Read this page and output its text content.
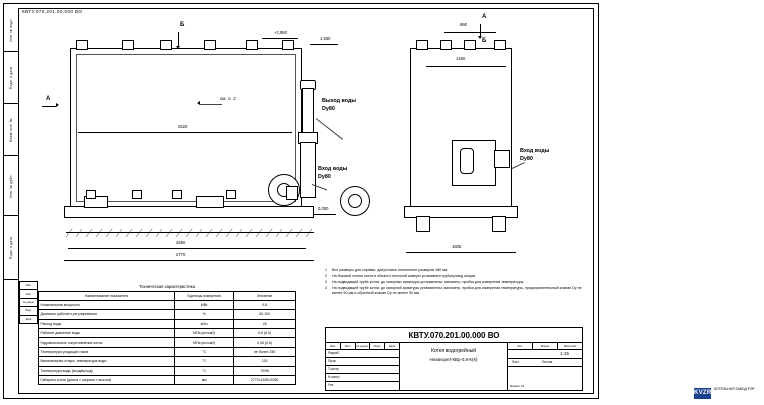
Инв. № подл.
Подп. и дата
Взам. инв. №
Инв. № дубл.
Подп. и дата
КВТУ.070.201.00.000 ВО
А
Б
+2,850
1,930
0,000
см. п. 2
2520
2650
2770
Выход воды
Dy80
Вход воды
Dy80
А
Б
960
1260
1605
Вход воды
Dy80
1 Все размеры для справки, допустимое отклонение размеров ±80 мм.
2 На боковой стенке котла в области топочной камеры устанавлен трубопровод шнцов.
3 На подводящей трубе котла, до запорных арматуры устанавлены: манометр, пробка для измерения температуры.
4 На подводящей трубе котла, до запорной арматуры устанавлены: манометр, пробка для измерения температуры, предохранительный клапан Dу не менее 50 мм и обратный клапан Dу не менее 50 мм.
Изм.
Лист
№ докум.
Подп.
Дата
Техническая характеристика
Наименование показателя	Единицы измерения	Значение
Номинальная мощность	МВт	0,8
Диапазон рабочего регулирования	%	50-100
Расход воды	м3/ч	28
Рабочее давление воды	МПа (кгс/см2)	0,6 (6,0)
Гидравлическое сопротивление котла	МПа (кгс/см2)	0,06 (0,6)
Температура уходящих газов	°С	не более 250
Минимальная отпуск. температура воды	°С	115
Температура воды (вход/выход)	°С	70/95
Габариты котла (длина × ширина × высота)	мм	2770×1605×2050
КВТУ.070.201.00.000 ВО
Изм.	Лист	№ докум.	Подп.	Дата
Разраб.
Пров.
Т.контр.
Н.контр.
Утв.
Котел водогрейный
Heatexpert-КВр-0,8-К(К)
Лит.	Масса	Масштаб
1:15
Лист	Листов
KVZR
КОТЕЛЬНАЯ ЗАВОД РЭР
Формат А3
